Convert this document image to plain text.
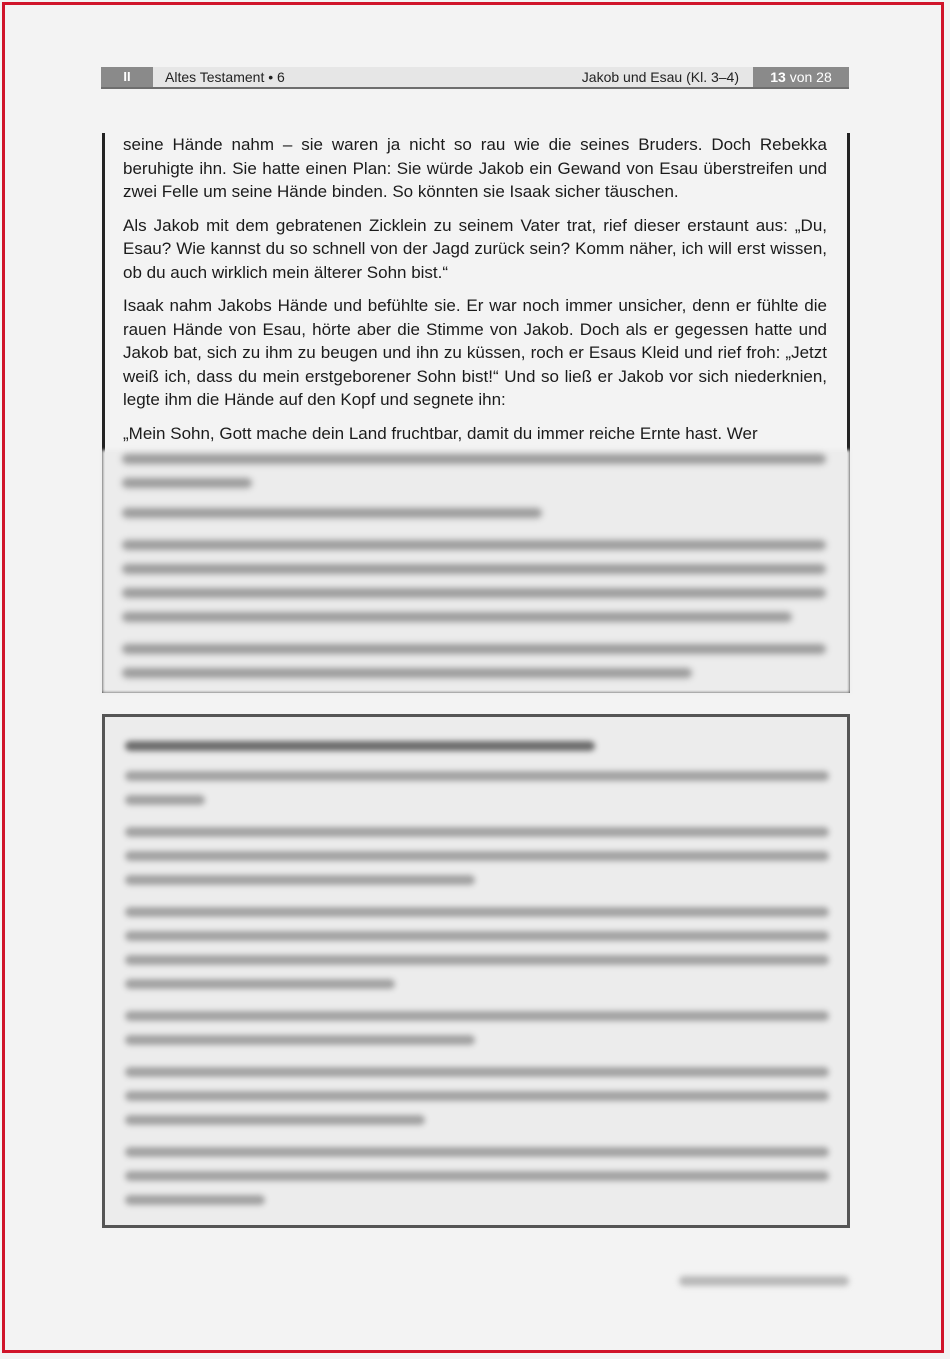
II	Altes Testament • 6	Jakob und Esau (Kl. 3–4)	13 von 28

seine Hände nahm – sie waren ja nicht so rau wie die seines Bruders. Doch Rebekka beruhigte ihn. Sie hatte einen Plan: Sie würde Jakob ein Gewand von Esau überstreifen und zwei Felle um seine Hände binden. So könnten sie Isaak sicher täuschen.

Als Jakob mit dem gebratenen Zicklein zu seinem Vater trat, rief dieser erstaunt aus: „Du, Esau? Wie kannst du so schnell von der Jagd zurück sein? Komm näher, ich will erst wissen, ob du auch wirklich mein älterer Sohn bist.“

Isaak nahm Jakobs Hände und befühlte sie. Er war noch immer unsicher, denn er fühlte die rauen Hände von Esau, hörte aber die Stimme von Jakob. Doch als er gegessen hatte und Jakob bat, sich zu ihm zu beugen und ihn zu küssen, roch er Esaus Kleid und rief froh: „Jetzt weiß ich, dass du mein erstgeborener Sohn bist!“ Und so ließ er Jakob vor sich niederknien, legte ihm die Hände auf den Kopf und segnete ihn:

„Mein Sohn, Gott mache dein Land fruchtbar, damit du immer reiche Ernte hast. Wer
